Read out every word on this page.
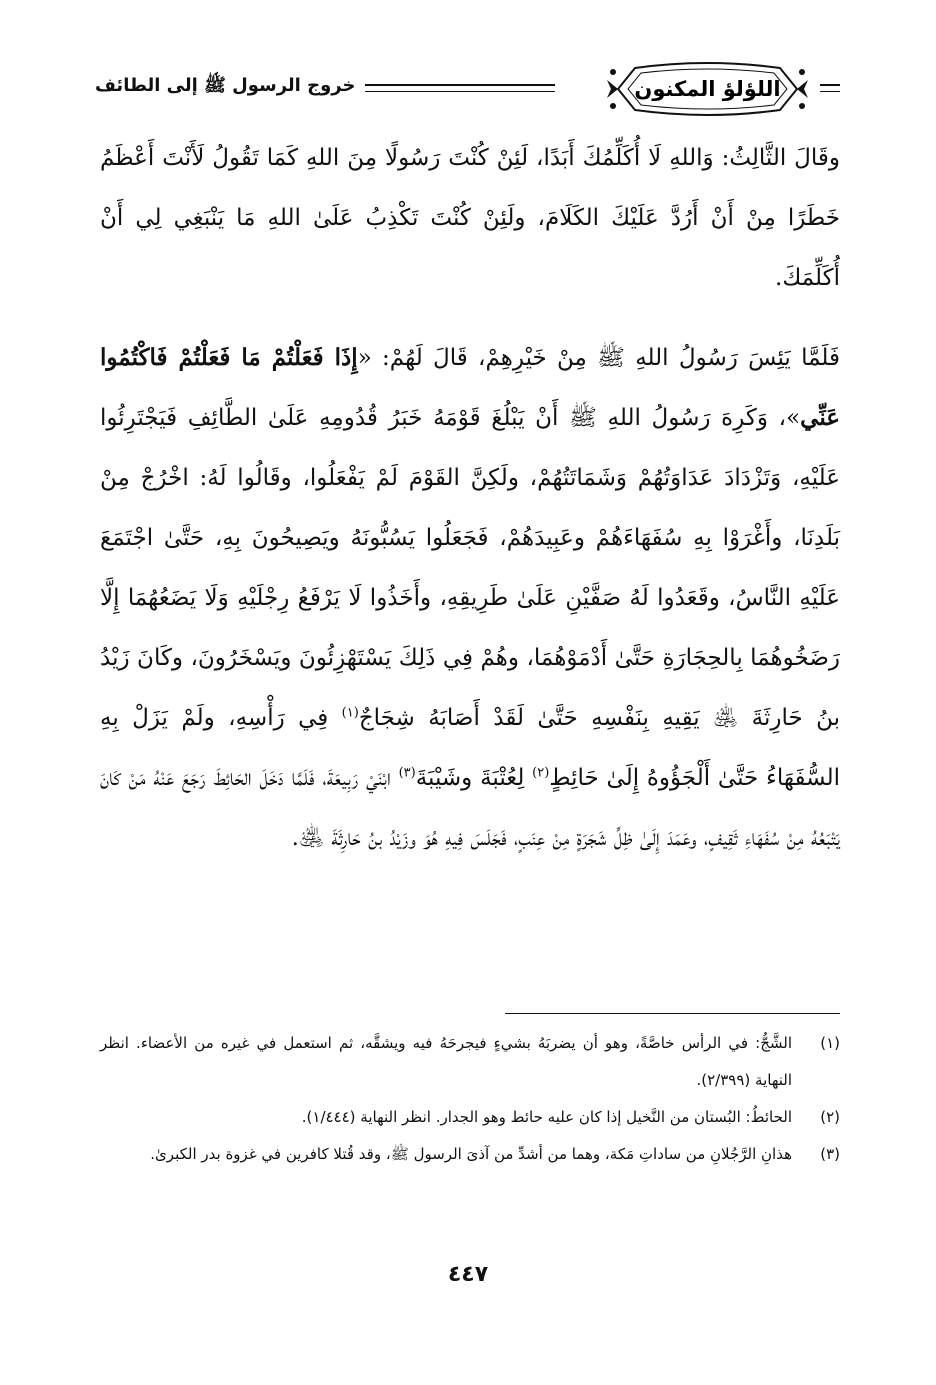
اللؤلؤ المكنون
خروج الرسول ﷺ إلى الطائف

وقَالَ الثَّالِثُ: وَاللهِ لَا أُكَلِّمُكَ أَبَدًا، لَئِنْ كُنْتَ رَسُولًا مِنَ اللهِ كَمَا تَقُولُ لَأَنْتَ أَعْظَمُ خَطَرًا مِنْ أَنْ أَرُدَّ عَلَيْكَ الكَلَامَ، ولَئِنْ كُنْتَ تَكْذِبُ عَلَىٰ اللهِ مَا يَنْبَغِي لِي أَنْ أُكَلِّمَكَ.

فَلَمَّا يَئِسَ رَسُولُ اللهِ ﷺ مِنْ خَيْرِهِمْ، قَالَ لَهُمْ: «إِذَا فَعَلْتُمْ مَا فَعَلْتُمْ فَاكْتُمُوا عَنِّي»، وَكَرِهَ رَسُولُ اللهِ ﷺ أَنْ يَبْلُغَ قَوْمَهُ خَبَرُ قُدُومِهِ عَلَىٰ الطَّائِفِ فَيَجْتَرِئُوا عَلَيْهِ، وَتَزْدَادَ عَدَاوَتُهُمْ وَشَمَاتَتُهُمْ، ولَكِنَّ القَوْمَ لَمْ يَفْعَلُوا، وقَالُوا لَهُ: اخْرُجْ مِنْ بَلَدِنَا، وأَغْرَوْا بِهِ سُفَهَاءَهُمْ وعَبِيدَهُمْ، فَجَعَلُوا يَسُبُّونَهُ ويَصِيحُونَ بِهِ، حَتَّىٰ اجْتَمَعَ عَلَيْهِ النَّاسُ، وقَعَدُوا لَهُ صَفَّيْنِ عَلَىٰ طَرِيقِهِ، وأَخَذُوا لَا يَرْفَعُ رِجْلَيْهِ وَلَا يَضَعُهُمَا إِلَّا رَضَخُوهُمَا بِالحِجَارَةِ حَتَّىٰ أَدْمَوْهُمَا، وهُمْ فِي ذَلِكَ يَسْتَهْزِئُونَ ويَسْخَرُونَ، وكَانَ زَيْدُ بنُ حَارِثَةَ ﵁ يَقِيهِ بِنَفْسِهِ حَتَّىٰ لَقَدْ أَصَابَهُ شِجَاجٌ$^{(١)}$ فِي رَأْسِهِ، ولَمْ يَزَلْ بِهِ السُّفَهَاءُ حَتَّىٰ أَلْجَؤُوهُ إِلَىٰ حَائِطٍ$^{(٢)}$ لِعُتْبَةَ وشَيْبَةَ$^{(٣)}$ ابْنَيْ رَبِيعَةَ، فَلَمَّا دَخَلَ الحَائِطَ رَجَعَ عَنْهُ مَنْ كَانَ يَتْبَعُهُ مِنْ سُفَهَاءِ ثَقِيفٍ، وعَمَدَ إِلَىٰ ظِلِّ شَجَرَةٍ مِنْ عِنَبٍ، فَجَلَسَ فِيهِ هُوَ وزَيْدُ بنُ حَارِثَةَ ﵁.

(١)
الشَّجُّ: في الرأس خاصَّةً، وهو أن يضربَهُ بشيءٍ فيجرحَهُ فيه ويشقَّه، ثم استعمل في غيره من الأعضاء. انظر النهاية (٢/٣٩٩).
(٢)
الحائطُ: البُستان من النَّخيل إذا كان عليه حائط وهو الجدار. انظر النهاية (١/٤٤٤).
(٣)
هذانِ الرَّجُلانِ من ساداتِ مَكة، وهما من أشدِّ من آذىَ الرسول ﷺ، وقد قُتلا كافرين في غزوة بدر الكبرىٰ.
٤٤٧
